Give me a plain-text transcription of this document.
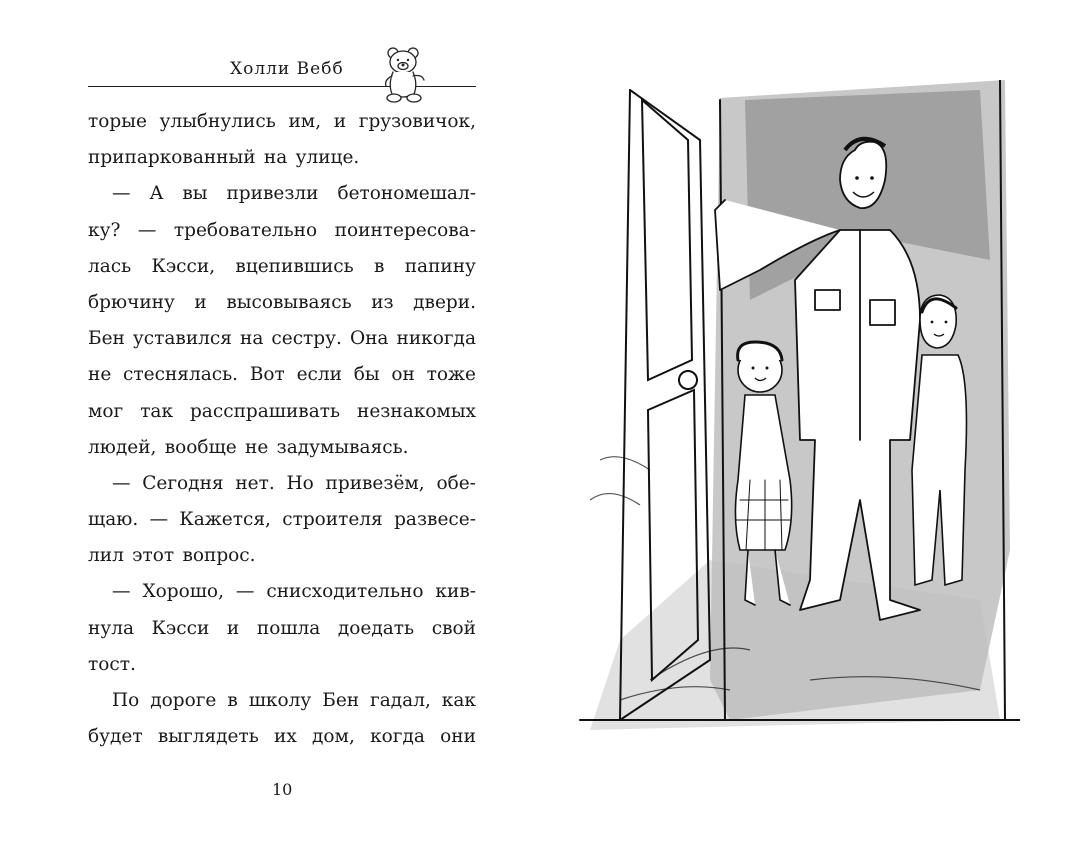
Холли Вебб
торые улыбнулись им, и грузовичок,
припаркованный на улице.
— А вы привезли бетономешал-
ку? — требовательно поинтересова-
лась Кэсси, вцепившись в папину
брючину и высовываясь из двери.
Бен уставился на сестру. Она никогда
не стеснялась. Вот если бы он тоже
мог так расспрашивать незнакомых
людей, вообще не задумываясь.
— Сегодня нет. Но привезём, обе-
щаю. — Кажется, строителя развесе-
лил этот вопрос.
— Хорошо, — снисходительно кив-
нула Кэсси и пошла доедать свой
тост.
По дороге в школу Бен гадал, как
будет выглядеть их дом, когда они
10
